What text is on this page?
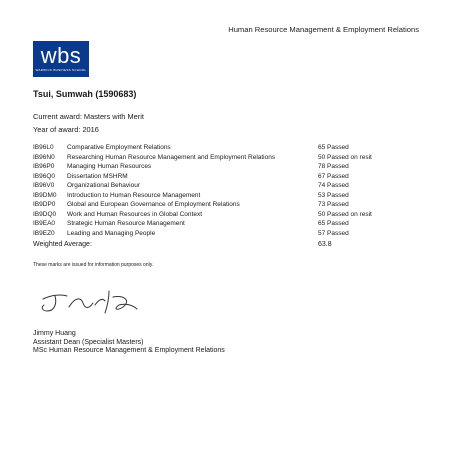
Human Resource Management & Employment Relations
wbs
WARWICK BUSINESS SCHOOL
Tsui, Sumwah (1590683)
Current award: Masters with Merit
Year of award: 2016
IB96L0 Comparative Employment Relations	65 Passed
IB96N0 Researching Human Resource Management and Employment Relations	50 Passed on resit
IB96P0 Managing Human Resources	78 Passed
IB96Q0 Dissertation MSHRM	67 Passed
IB96V0 Organizational Behaviour	74 Passed
IB9DM0 Introduction to Human Resource Management	53 Passed
IB9DP0 Global and European Governance of Employment Relations	73 Passed
IB9DQ0 Work and Human Resources in Global Context	50 Passed on resit
IB9EA0 Strategic Human Resource Management	65 Passed
IB9EZ0 Leading and Managing People	57 Passed
Weighted Average:	63.8
These marks are issued for information purposes only.
Jimmy Huang
Assistant Dean (Specialist Masters)
MSc Human Resource Management & Employment Relations
